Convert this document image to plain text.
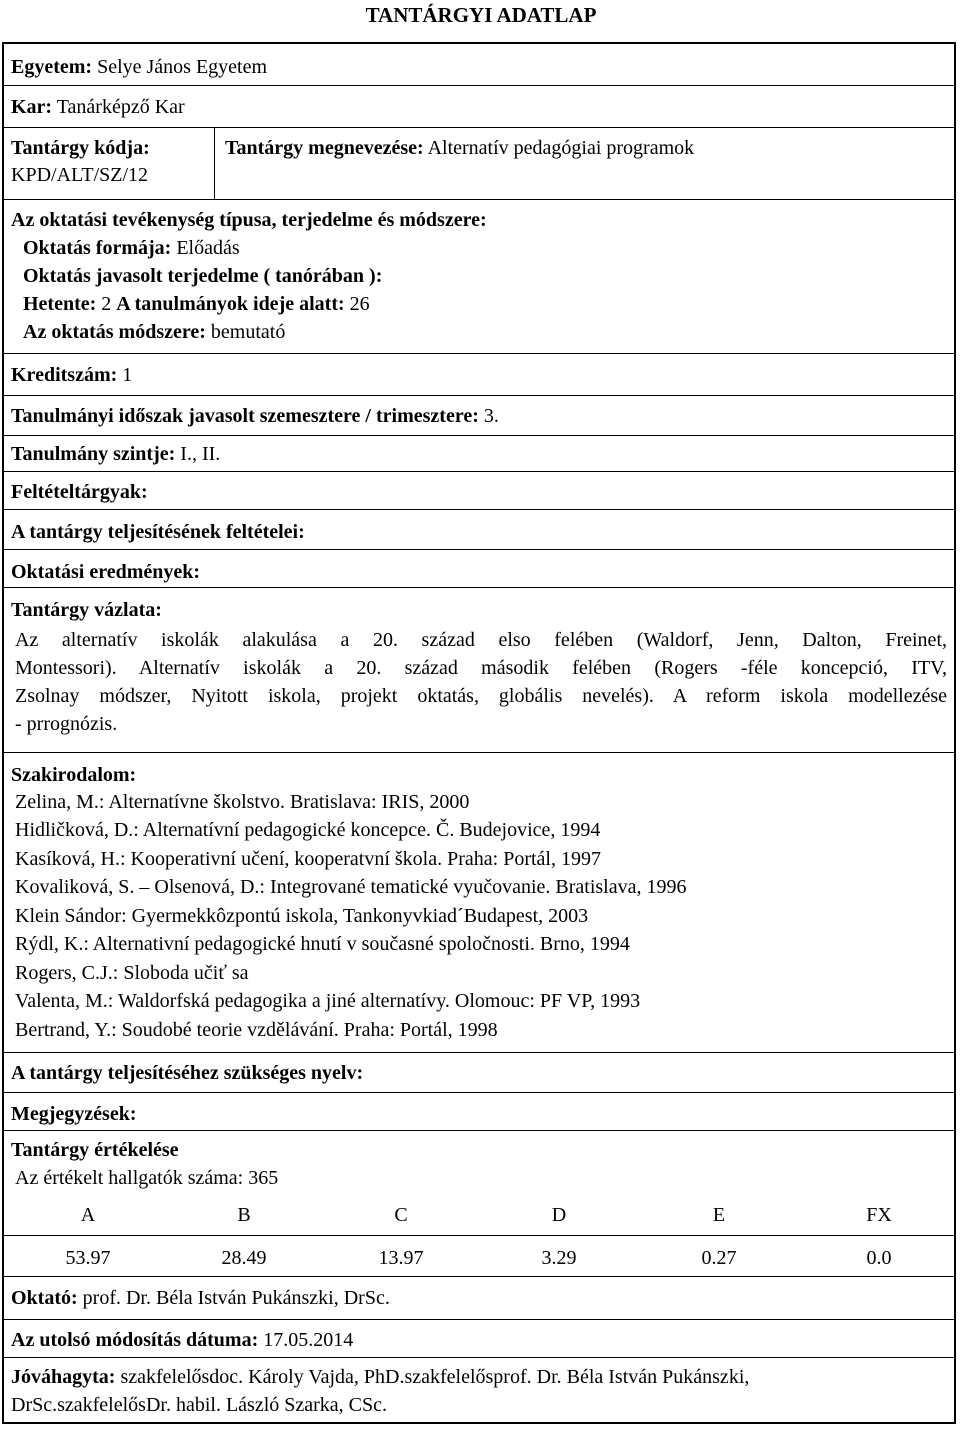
TANTÁRGYI ADATLAP
Egyetem: Selye János Egyetem
Kar: Tanárképző Kar
Tantárgy kódja:
KPD/ALT/SZ/12
Tantárgy megnevezése: Alternatív pedagógiai programok
Az oktatási tevékenység típusa, terjedelme és módszere:
Oktatás formája: Előadás
Oktatás javasolt terjedelme ( tanórában ):
Hetente: 2 A tanulmányok ideje alatt: 26
Az oktatás módszere: bemutató
Kreditszám: 1
Tanulmányi időszak javasolt szemesztere / trimesztere: 3.
Tanulmány szintje: I., II.
Feltételtárgyak:
A tantárgy teljesítésének feltételei:
Oktatási eredmények:
Tantárgy vázlata:
Az alternatív iskolák alakulása a 20. század elso felében (Waldorf, Jenn, Dalton, Freinet,
Montessori). Alternatív iskolák a 20. század második felében (Rogers -féle koncepció, ITV,
Zsolnay módszer, Nyitott iskola, projekt oktatás, globális nevelés). A reform iskola modellezése
- prrognózis.
Szakirodalom:
Zelina, M.: Alternatívne školstvo. Bratislava: IRIS, 2000
Hidličková, D.: Alternatívní pedagogické koncepce. Č. Budejovice, 1994
Kasíková, H.: Kooperativní učení, kooperatvní škola. Praha: Portál, 1997
Kovaliková, S. – Olsenová, D.: Integrované tematické vyučovanie. Bratislava, 1996
Klein Sándor: Gyermekkôzpontú iskola, Tankonyvkiad´Budapest, 2003
Rýdl, K.: Alternativní pedagogické hnutí v současné spoločnosti. Brno, 1994
Rogers, C.J.: Sloboda učiť sa
Valenta, M.: Waldorfská pedagogika a jiné alternatívy. Olomouc: PF VP, 1993
Bertrand, Y.: Soudobé teorie vzdělávání. Praha: Portál, 1998
A tantárgy teljesítéséhez szükséges nyelv:
Megjegyzések:
Tantárgy értékelése
Az értékelt hallgatók száma: 365
A	B	C	D	E	FX
53.97	28.49	13.97	3.29	0.27	0.0
Oktató: prof. Dr. Béla István Pukánszki, DrSc.
Az utolsó módosítás dátuma: 17.05.2014
Jóváhagyta: szakfelelősdoc. Károly Vajda, PhD.szakfelelősprof. Dr. Béla István Pukánszki,
DrSc.szakfelelősDr. habil. László Szarka, CSc.
